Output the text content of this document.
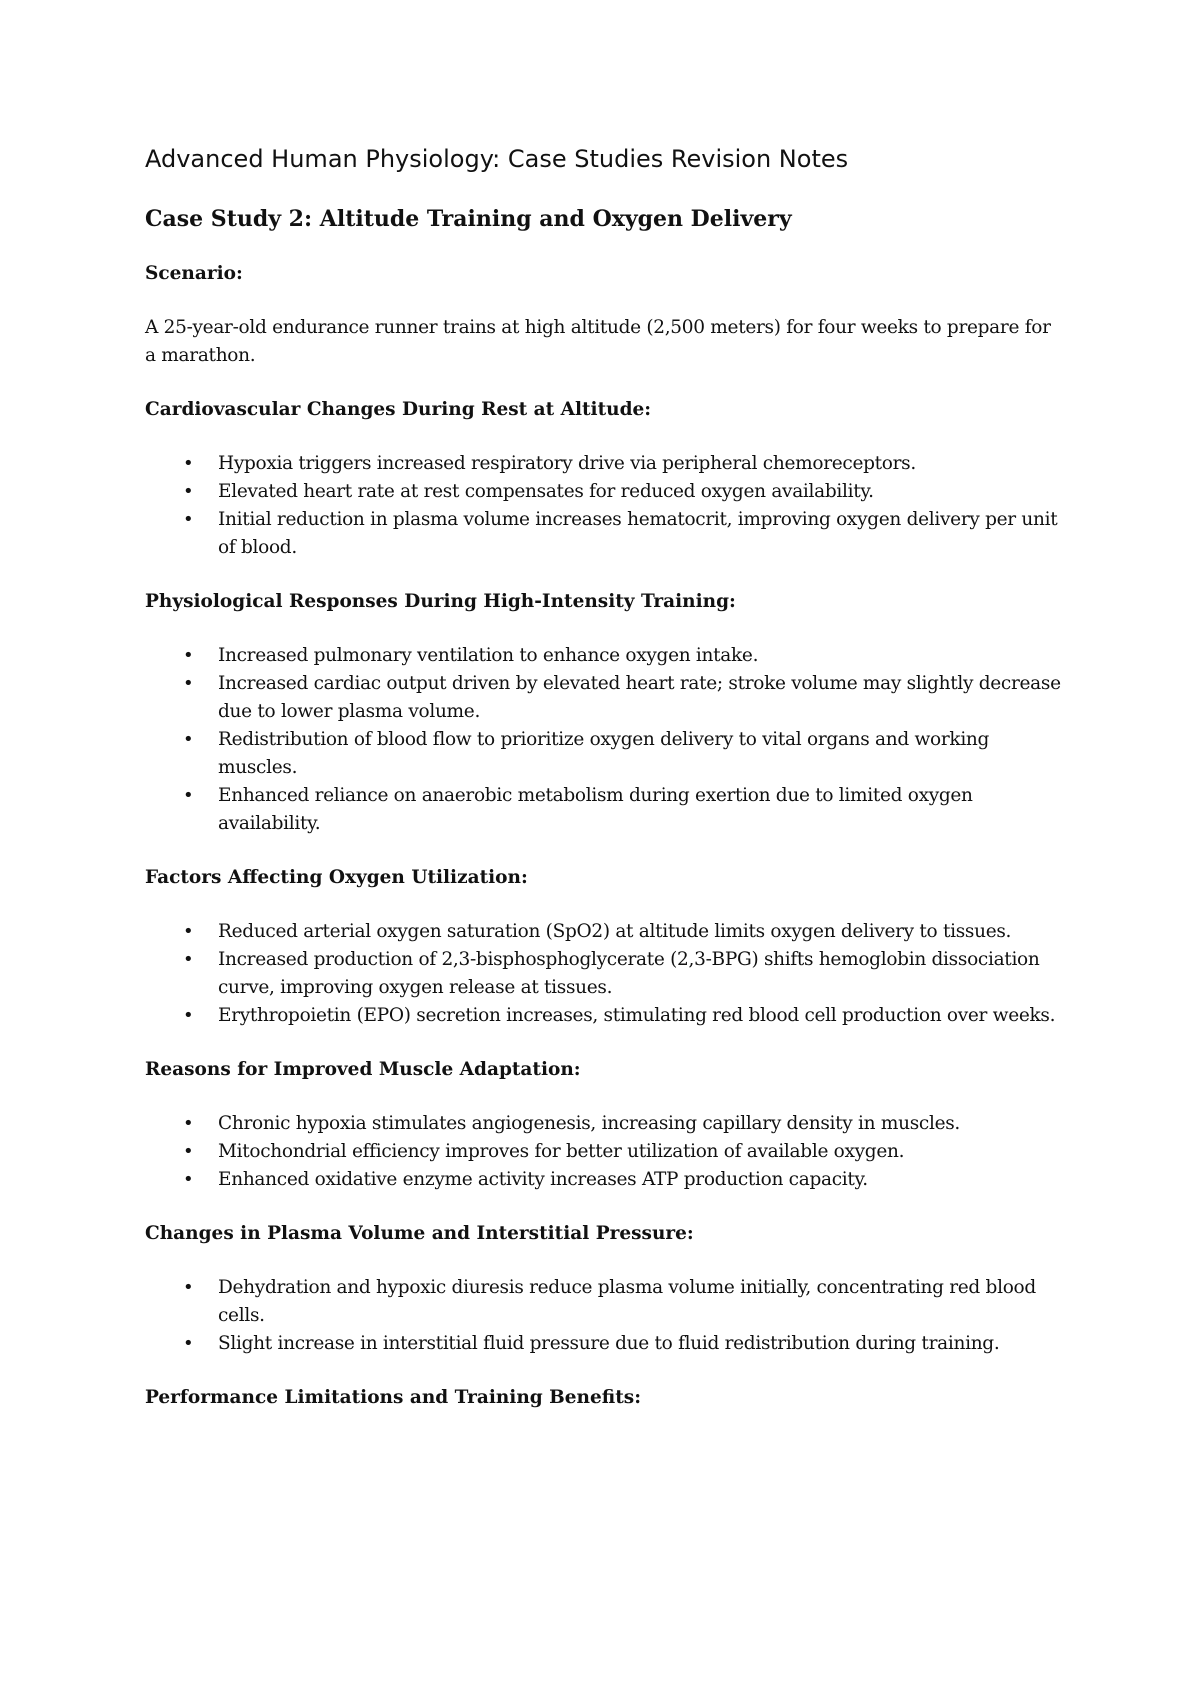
Advanced Human Physiology: Case Studies Revision Notes
Case Study 2: Altitude Training and Oxygen Delivery
Scenario:
A 25-year-old endurance runner trains at high altitude (2,500 meters) for four weeks to prepare for a marathon.
Cardiovascular Changes During Rest at Altitude:
• Hypoxia triggers increased respiratory drive via peripheral chemoreceptors.
• Elevated heart rate at rest compensates for reduced oxygen availability.
• Initial reduction in plasma volume increases hematocrit, improving oxygen delivery per unit of blood.
Physiological Responses During High-Intensity Training:
• Increased pulmonary ventilation to enhance oxygen intake.
• Increased cardiac output driven by elevated heart rate; stroke volume may slightly decrease due to lower plasma volume.
• Redistribution of blood flow to prioritize oxygen delivery to vital organs and working muscles.
• Enhanced reliance on anaerobic metabolism during exertion due to limited oxygen availability.
Factors Affecting Oxygen Utilization:
• Reduced arterial oxygen saturation (SpO2) at altitude limits oxygen delivery to tissues.
• Increased production of 2,3-bisphosphoglycerate (2,3-BPG) shifts hemoglobin dissociation curve, improving oxygen release at tissues.
• Erythropoietin (EPO) secretion increases, stimulating red blood cell production over weeks.
Reasons for Improved Muscle Adaptation:
• Chronic hypoxia stimulates angiogenesis, increasing capillary density in muscles.
• Mitochondrial efficiency improves for better utilization of available oxygen.
• Enhanced oxidative enzyme activity increases ATP production capacity.
Changes in Plasma Volume and Interstitial Pressure:
• Dehydration and hypoxic diuresis reduce plasma volume initially, concentrating red blood cells.
• Slight increase in interstitial fluid pressure due to fluid redistribution during training.
Performance Limitations and Training Benefits:
